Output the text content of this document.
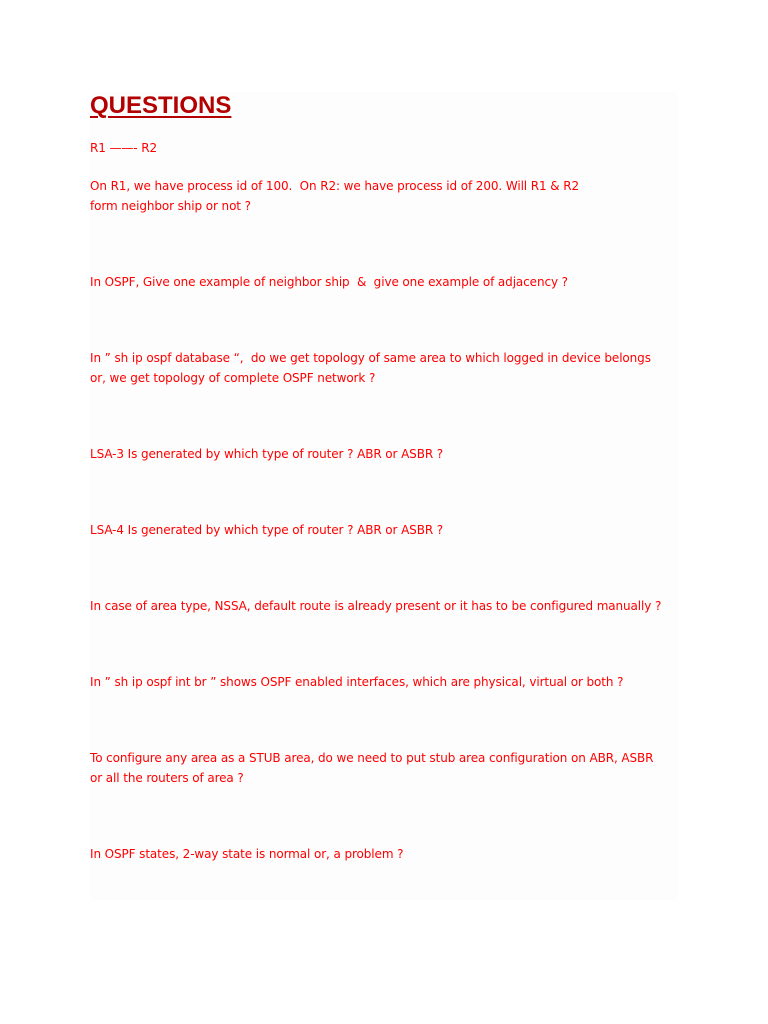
QUESTIONS

R1 ——- R2

On R1, we have process id of 100.  On R2: we have process id of 200. Will R1 & R2

form neighbor ship or not ?

In OSPF, Give one example of neighbor ship  &  give one example of adjacency ?

In ” sh ip ospf database “,  do we get topology of same area to which logged in device belongs

or, we get topology of complete OSPF network ?

LSA-3 Is generated by which type of router ? ABR or ASBR ?

LSA-4 Is generated by which type of router ? ABR or ASBR ?

In case of area type, NSSA, default route is already present or it has to be configured manually ?

In ” sh ip ospf int br ” shows OSPF enabled interfaces, which are physical, virtual or both ?

To configure any area as a STUB area, do we need to put stub area configuration on ABR, ASBR

or all the routers of area ?

In OSPF states, 2-way state is normal or, a problem ?
